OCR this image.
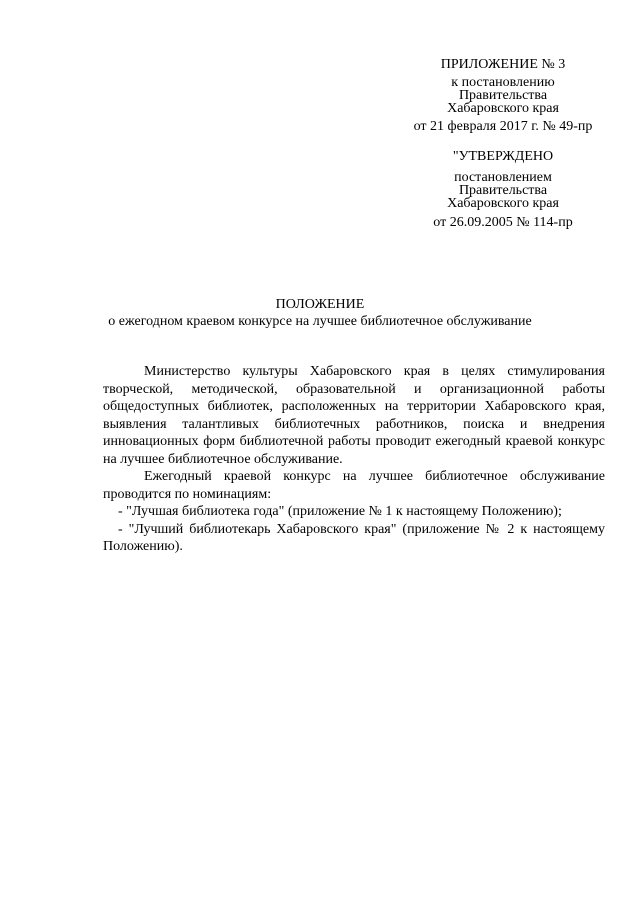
ПРИЛОЖЕНИЕ № 3
к постановлению
Правительства
Хабаровского края
от 21 февраля 2017 г. № 49-пр
"УТВЕРЖДЕНО
постановлением
Правительства
Хабаровского края
от 26.09.2005 № 114-пр
ПОЛОЖЕНИЕ
о ежегодном краевом конкурсе на лучшее библиотечное обслуживание

Министерство культуры Хабаровского края в целях стимулирования творческой, методической, образовательной и организационной работы общедоступных библиотек, расположенных на территории Хабаровского края, выявления талантливых библиотечных работников, поиска и внедрения инновационных форм библиотечной работы проводит ежегодный краевой конкурс на лучшее библиотечное обслуживание.

Ежегодный краевой конкурс на лучшее библиотечное обслуживание проводится по номинациям:

- "Лучшая библиотека года" (приложение № 1 к настоящему Положению);

- "Лучший библиотекарь Хабаровского края" (приложение № 2 к настоящему Положению).
